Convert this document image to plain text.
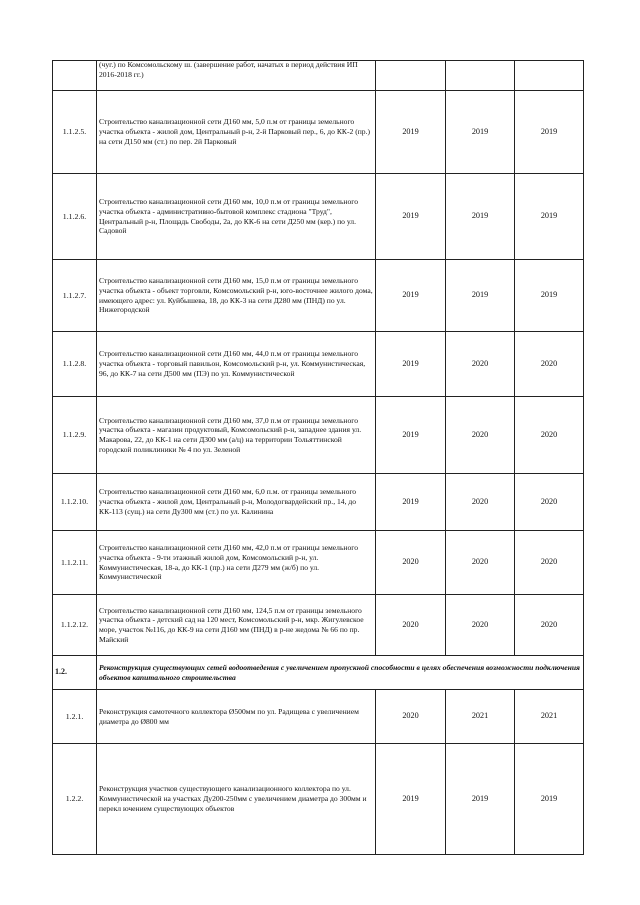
	(чуг.) по Комсомольскому ш. (завершение работ, начатых в период действия ИП 2016-2018 гг.)			

1.1.2.5.	Строительство канализационной сети Д160 мм, 5,0 п.м от границы земельного участка объекта - жилой дом, Центральный р-н, 2-й Парковый пер., 6, до КК-2 (пр.) на сети Д150 мм (ст.) по пер. 2й Парковый	2019	2019	2019
1.1.2.6.	Строительство канализационной сети Д160 мм, 10,0 п.м от границы земельного участка объекта - административно-бытовой комплекс стадиона "Труд", Центральный р-н, Площадь Свободы, 2а, до КК-6 на сети Д250 мм (кер.) по ул. Садовой	2019	2019	2019
1.1.2.7.	Строительство канализационной сети Д160 мм, 15,0 п.м от границы земельного участка объекта - объект торговли, Комсомольский р-н, юго-восточнее жилого дома, имеющего адрес: ул. Куйбышева, 18, до КК-3 на сети Д280 мм (ПНД) по ул. Нижегородской	2019	2019	2019
1.1.2.8.	Строительство канализационной сети Д160 мм, 44,0 п.м от границы земельного участка объекта - торговый павильон, Комсомольский р-н, ул. Коммунистическая, 96, до КК-7 на сети Д500 мм (ПЭ) по ул. Коммунистической	2019	2020	2020
1.1.2.9.	Строительство канализационной сети Д160 мм, 37,0 п.м от границы земельного участка объекта - магазин продуктовый, Комсомольский р-н, западнее здания ул. Макарова, 22, до КК-1 на сети Д300 мм (а/ц) на территории Тольяттинской городской поликлиники № 4 по ул. Зеленой	2019	2020	2020
1.1.2.10.	Строительство канализационной сети Д160 мм, 6,0 п.м. от границы земельного участка объекта - жилой дом, Центральный р-н, Молодогвардейский пр., 14, до КК-113 (сущ.) на сети Ду300 мм (ст.) по ул. Калинина	2019	2020	2020
1.1.2.11.	Строительство канализационной сети Д160 мм, 42,0 п.м от границы земельного участка объекта - 9-ти этажный жилой дом, Комсомольский р-н, ул. Коммунистическая, 18-а, до КК-1 (пр.) на сети Д279 мм (ж/б) по ул. Коммунистической	2020	2020	2020
1.1.2.12.	Строительство канализационной сети Д160 мм, 124,5 п.м от границы земельного участка объекта - детский сад на 120 мест, Комсомольский р-н, мкр. Жигулевское море, участок №116, до КК-9 на сети Д160 мм (ПНД) в р-не жедома № 66 по пр. Майский	2020	2020	2020
1.2.	Реконструкция существующих сетей водоотведения с увеличением пропускной способности в целях обеспечения возможности подключения объектов капитального строительства			
1.2.1.	Реконструкция самотечного коллектора Ø500мм по ул. Радищева с увеличением диаметра до Ø800 мм	2020	2021	2021
1.2.2.	Реконструкция участков существующего канализационного коллектора по ул. Коммунистической на участках Ду200-250мм с увеличением диаметра до 300мм и перекл ючением существующих объектов	2019	2019	2019
